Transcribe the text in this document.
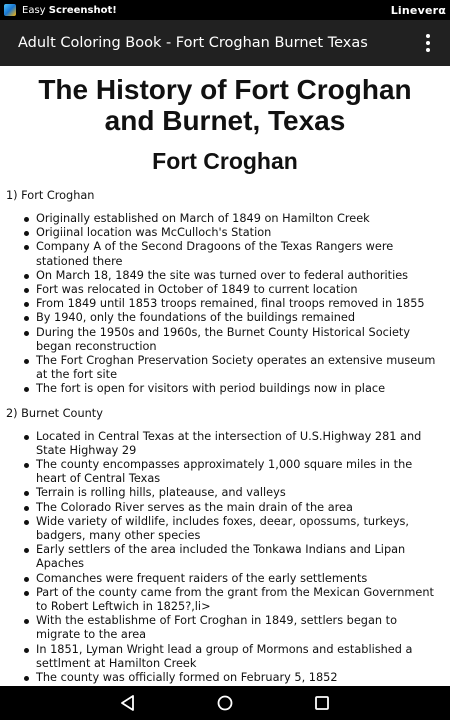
Easy Screenshot!	Lineverα
Adult Coloring Book - Fort Croghan Burnet Texas
The History of Fort Croghan and Burnet, Texas
Fort Croghan
1) Fort Croghan
Originally established on March of 1849 on Hamilton Creek
Origiinal location was McCulloch's Station
Company A of the Second Dragoons of the Texas Rangers were stationed there
On March 18, 1849 the site was turned over to federal authorities
Fort was relocated in October of 1849 to current location
From 1849 until 1853 troops remained, final troops removed in 1855
By 1940, only the foundations of the buildings remained
During the 1950s and 1960s, the Burnet County Historical Society began reconstruction
The Fort Croghan Preservation Society operates an extensive museum at the fort site
The fort is open for visitors with period buildings now in place
2) Burnet County
Located in Central Texas at the intersection of U.S.Highway 281 and State Highway 29
The county encompasses approximately 1,000 square miles in the heart of Central Texas
Terrain is rolling hills, plateause, and valleys
The Colorado River serves as the main drain of the area
Wide variety of wildlife, includes foxes, deear, opossums, turkeys, badgers, many other species
Early settlers of the area included the Tonkawa Indians and Lipan Apaches
Comanches were frequent raiders of the early settlements
Part of the county came from the grant from the Mexican Government to Robert Leftwich in 1825?,li>
With the establishme of Fort Croghan in 1849, settlers began to migrate to the area
In 1851, Lyman Wright lead a group of Mormons and established a settlment at Hamilton Creek
The county was officially formed on February 5, 1852
